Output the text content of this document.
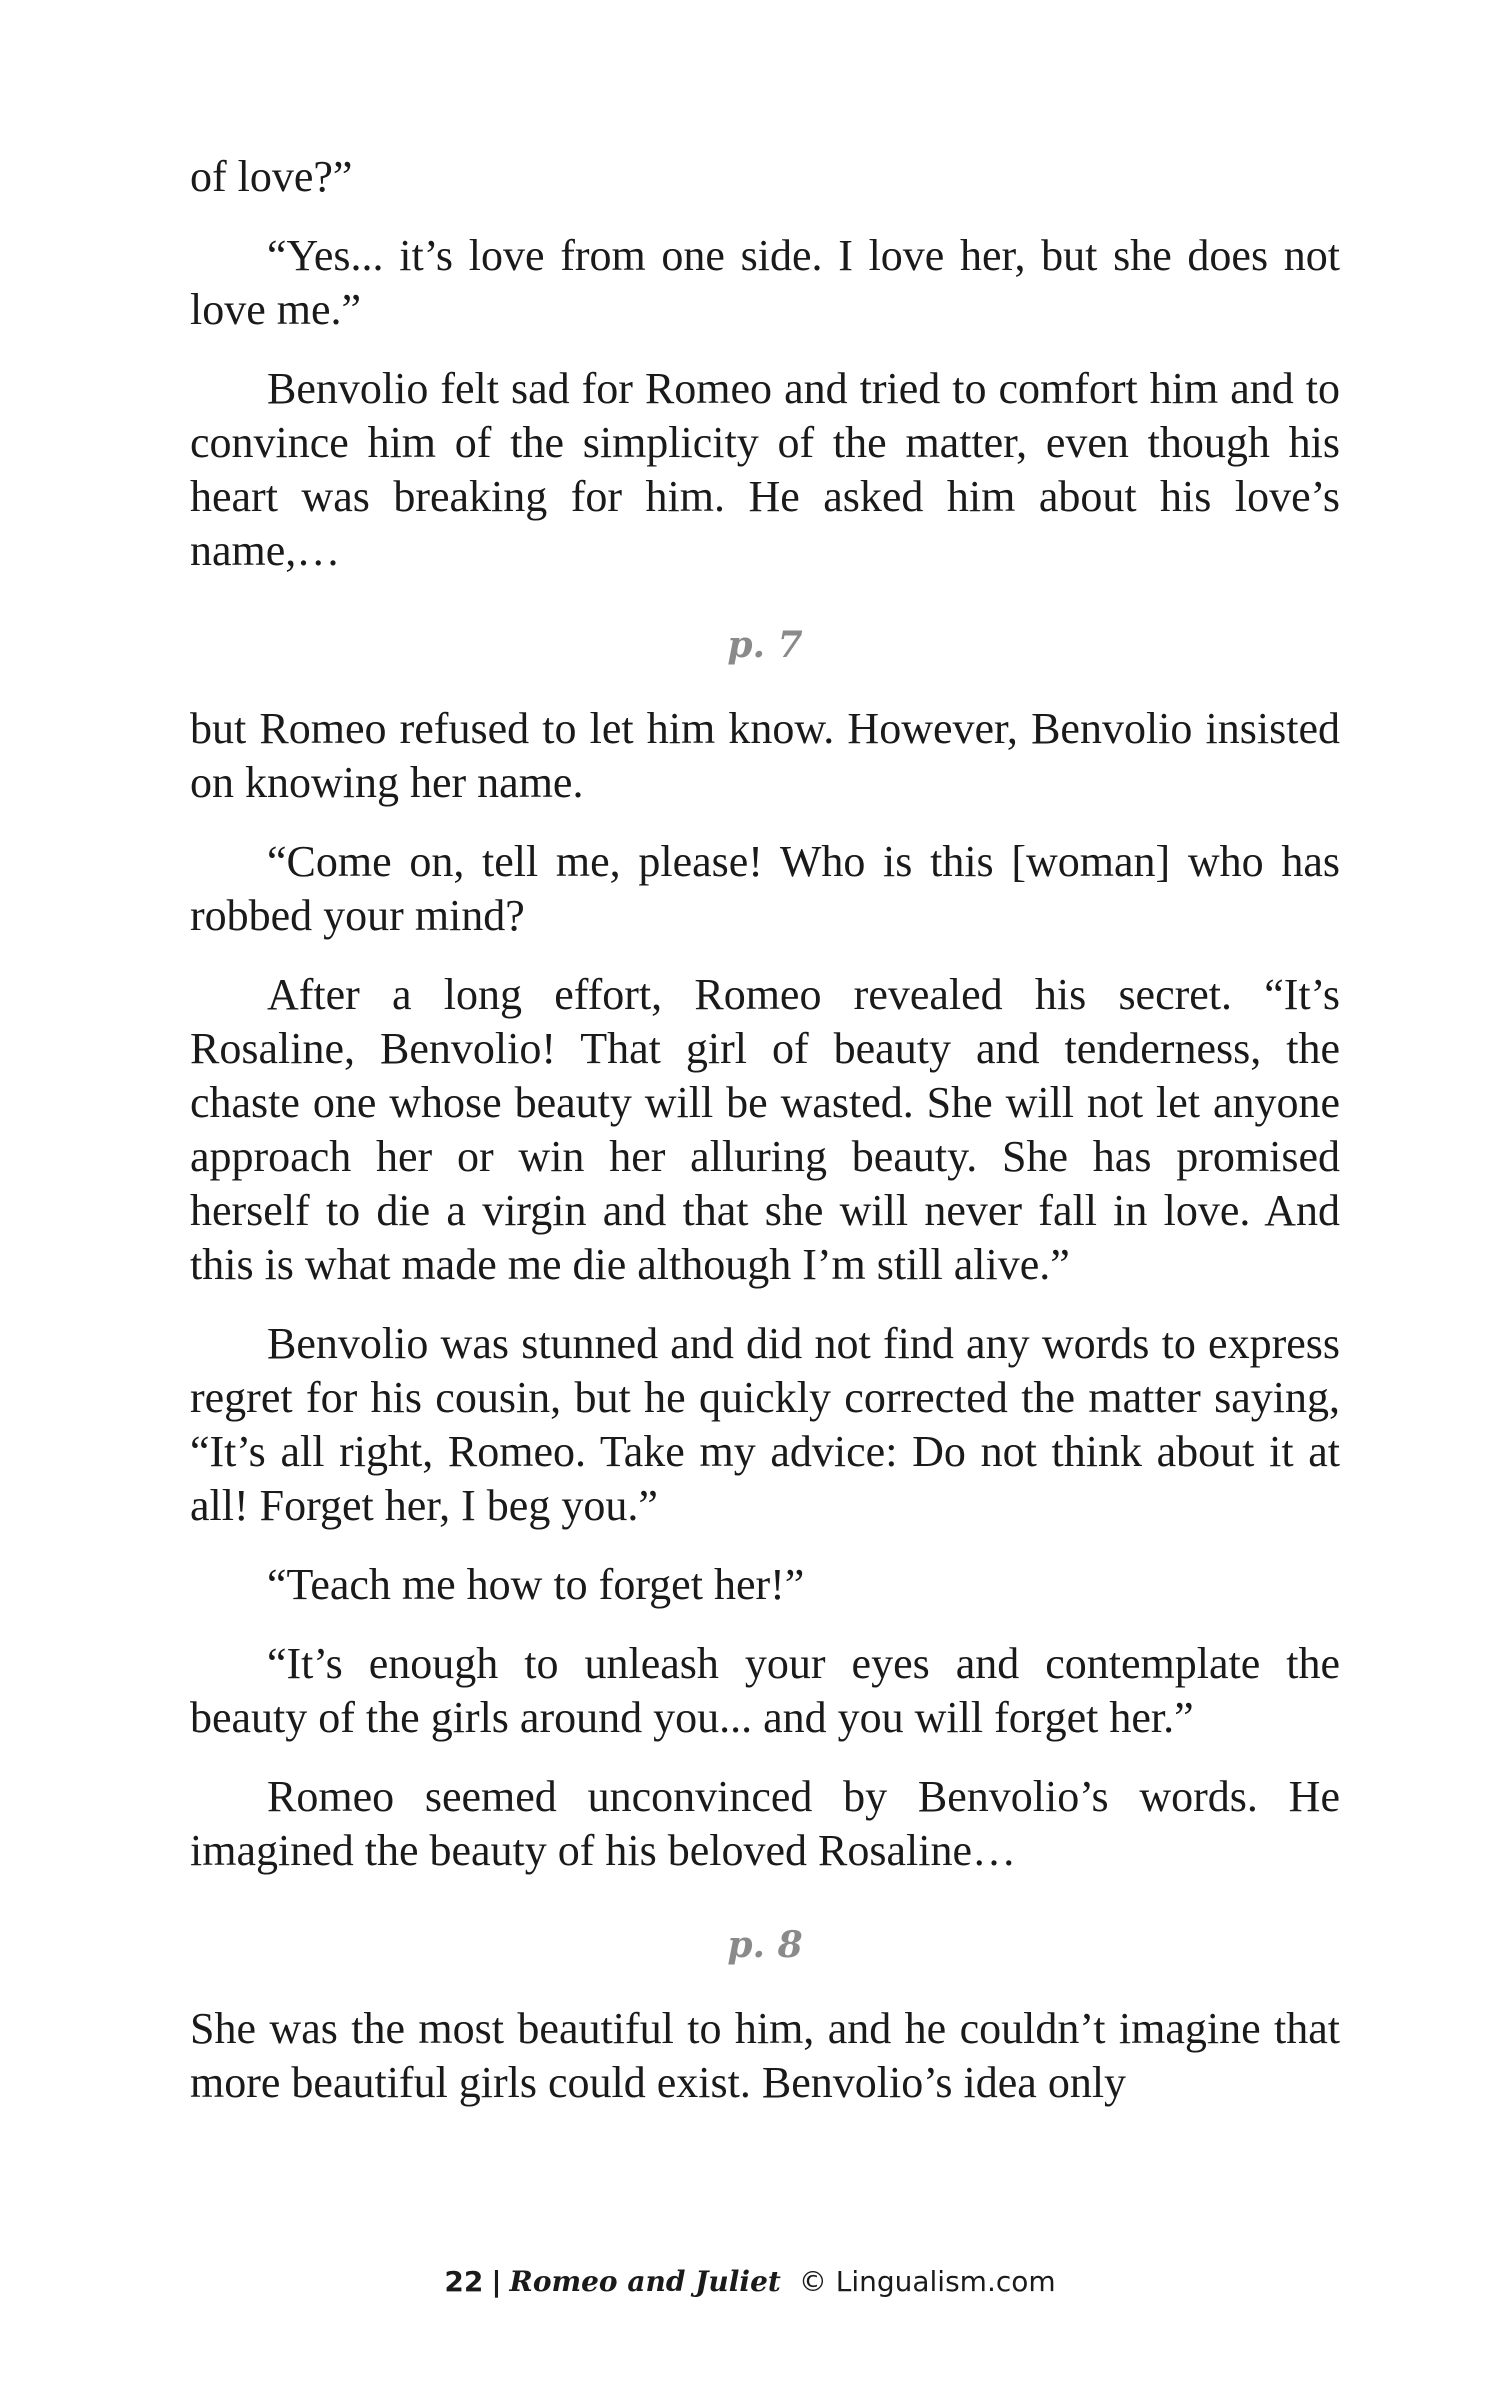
of love?”

“Yes... it’s love from one side. I love her, but she does not love me.”

Benvolio felt sad for Romeo and tried to comfort him and to convince him of the simplicity of the matter, even though his heart was breaking for him. He asked him about his love’s name,…

p. 7

but Romeo refused to let him know. However, Benvolio insisted on knowing her name.

“Come on, tell me, please! Who is this [woman] who has robbed your mind?

After a long effort, Romeo revealed his secret. “It’s Rosaline, Benvolio! That girl of beauty and tenderness, the chaste one whose beauty will be wasted. She will not let anyone approach her or win her alluring beauty. She has promised herself to die a virgin and that she will never fall in love. And this is what made me die although I’m still alive.”

Benvolio was stunned and did not find any words to express regret for his cousin, but he quickly corrected the matter saying, “It’s all right, Romeo. Take my advice: Do not think about it at all! Forget her, I beg you.”

“Teach me how to forget her!”

“It’s enough to unleash your eyes and contemplate the beauty of the girls around you... and you will forget her.”

Romeo seemed unconvinced by Benvolio’s words. He imagined the beauty of his beloved Rosaline…

p. 8

She was the most beautiful to him, and he couldn’t imagine that more beautiful girls could exist. Benvolio’s idea only

22 | Romeo and Juliet © Lingualism.com
